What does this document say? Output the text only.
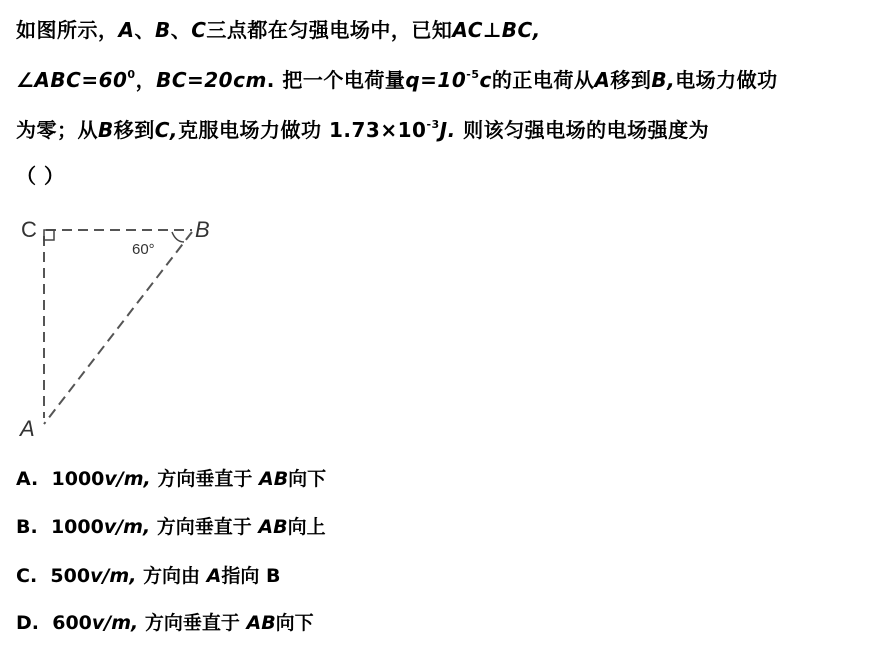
如图所示，A、B、C三点都在匀强电场中，已知AC⊥BC,
$\angle ABC=60^0$，BC=20cm. 把一个电荷量$q=10^{-5}c$的正电荷从A移到B,电场力做功
为零；从B移到C,克服电场力做功 $1.73\times 10^{-3}J$. 则该匀强电场的电场强度为
（ ）
C	B
A
60°
A. 1000v/m, 方向垂直于 AB向下
B. 1000v/m, 方向垂直于 AB向上
C. 500v/m, 方向由 A指向 B
D. 600v/m, 方向垂直于 AB向下
